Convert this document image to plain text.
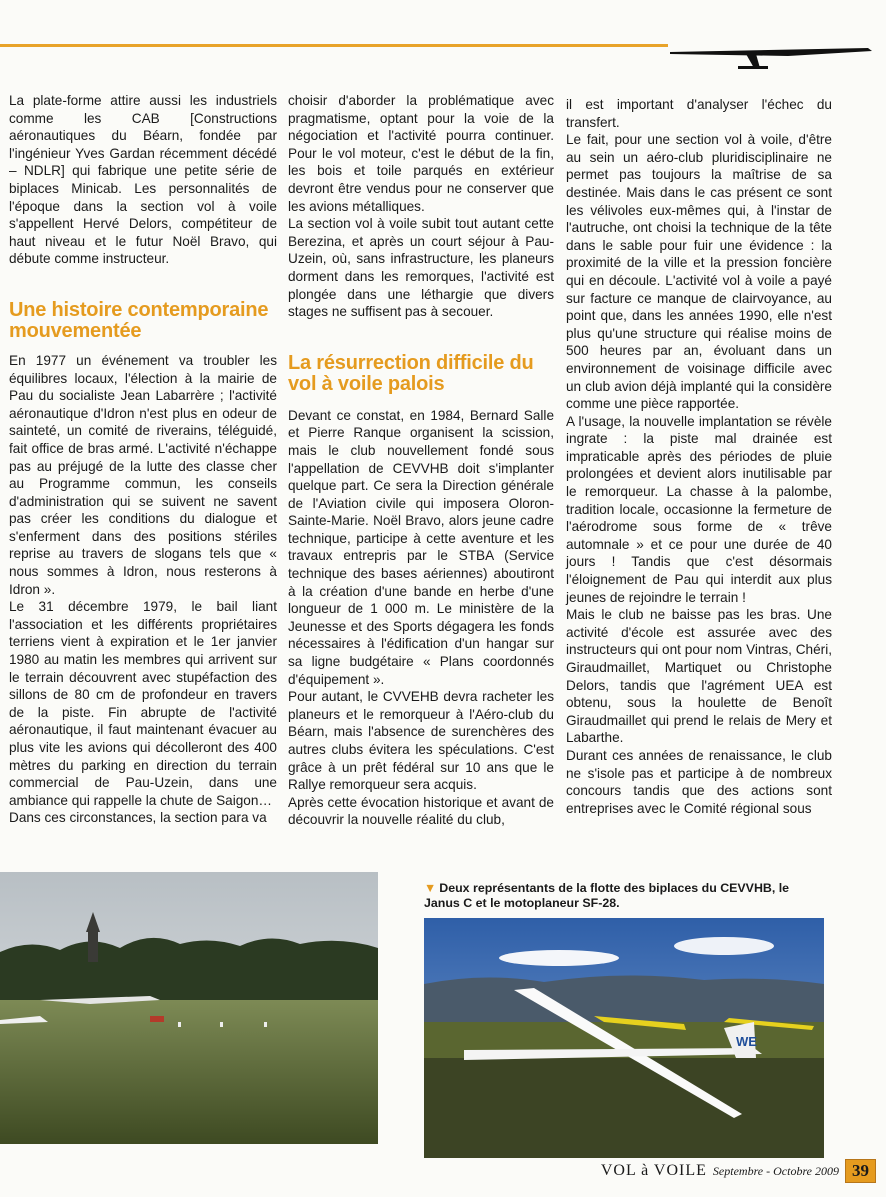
La plate-forme attire aussi les industriels comme les CAB [Constructions aéronautiques du Béarn, fondée par l'ingénieur Yves Gardan récemment décédé – NDLR] qui fabrique une petite série de biplaces Minicab. Les personnalités de l'époque dans la section vol à voile s'appellent Hervé Delors, compétiteur de haut niveau et le futur Noël Bravo, qui débute comme instructeur.

Une histoire contemporaine mouvementée

En 1977 un événement va troubler les équilibres locaux, l'élection à la mairie de Pau du socialiste Jean Labarrère ; l'activité aéronautique d'Idron n'est plus en odeur de sainteté, un comité de riverains, téléguidé, fait office de bras armé. L'activité n'échappe pas au préjugé de la lutte des classe cher au Programme commun, les conseils d'administration qui se suivent ne savent pas créer les conditions du dialogue et s'enferment dans des positions stériles reprise au travers de slogans tels que « nous sommes à Idron, nous resterons à Idron ».

Le 31 décembre 1979, le bail liant l'association et les différents propriétaires terriens vient à expiration et le 1er janvier 1980 au matin les membres qui arrivent sur le terrain découvrent avec stupéfaction des sillons de 80 cm de profondeur en travers de la piste. Fin abrupte de l'activité aéronautique, il faut maintenant évacuer au plus vite les avions qui décolleront des 400 mètres du parking en direction du terrain commercial de Pau-Uzein, dans une ambiance qui rappelle la chute de Saigon…

Dans ces circonstances, la section para va

choisir d'aborder la problématique avec pragmatisme, optant pour la voie de la négociation et l'activité pourra continuer. Pour le vol moteur, c'est le début de la fin, les bois et toile parqués en extérieur devront être vendus pour ne conserver que les avions métalliques.

La section vol à voile subit tout autant cette Berezina, et après un court séjour à Pau-Uzein, où, sans infrastructure, les planeurs dorment dans les remorques, l'activité est plongée dans une léthargie que divers stages ne suffisent pas à secouer.

La résurrection difficile du vol à voile palois

Devant ce constat, en 1984, Bernard Salle et Pierre Ranque organisent la scission, mais le club nouvellement fondé sous l'appellation de CEVVHB doit s'implanter quelque part. Ce sera la Direction générale de l'Aviation civile qui imposera Oloron-Sainte-Marie. Noël Bravo, alors jeune cadre technique, participe à cette aventure et les travaux entrepris par le STBA (Service technique des bases aériennes) aboutiront à la création d'une bande en herbe d'une longueur de 1 000 m. Le ministère de la Jeunesse et des Sports dégagera les fonds nécessaires à l'édification d'un hangar sur sa ligne budgétaire « Plans coordonnés d'équipement ».

Pour autant, le CVVEHB devra racheter les planeurs et le remorqueur à l'Aéro-club du Béarn, mais l'absence de surenchères des autres clubs évitera les spéculations. C'est grâce à un prêt fédéral sur 10 ans que le Rallye remorqueur sera acquis.

Après cette évocation historique et avant de découvrir la nouvelle réalité du club,

il est important d'analyser l'échec du transfert.

Le fait, pour une section vol à voile, d'être au sein un aéro-club pluridisciplinaire ne permet pas toujours la maîtrise de sa destinée. Mais dans le cas présent ce sont les vélivoles eux-mêmes qui, à l'instar de l'autruche, ont choisi la technique de la tête dans le sable pour fuir une évidence : la proximité de la ville et la pression foncière qui en découle. L'activité vol à voile a payé sur facture ce manque de clairvoyance, au point que, dans les années 1990, elle n'est plus qu'une structure qui réalise moins de 500 heures par an, évoluant dans un environnement de voisinage difficile avec un club avion déjà implanté qui la considère comme une pièce rapportée.

A l'usage, la nouvelle implantation se révèle ingrate : la piste mal drainée est impraticable après des périodes de pluie prolongées et devient alors inutilisable par le remorqueur. La chasse à la palombe, tradition locale, occasionne la fermeture de l'aérodrome sous forme de « trêve automnale » et ce pour une durée de 40 jours ! Tandis que c'est désormais l'éloignement de Pau qui interdit aux plus jeunes de rejoindre le terrain !

Mais le club ne baisse pas les bras. Une activité d'école est assurée avec des instructeurs qui ont pour nom Vintras, Chéri, Giraudmaillet, Martiquet ou Christophe Delors, tandis que l'agrément UEA est obtenu, sous la houlette de Benoît Giraudmaillet qui prend le relais de Mery et Labarthe.

Durant ces années de renaissance, le club ne s'isole pas et participe à de nombreux concours tandis que des actions sont entreprises avec le Comité régional sous

▼ Deux représentants de la flotte des biplaces du CEVVHB, le Janus C et le motoplaneur SF-28.
WE
VOL à VOILE Septembre - Octobre 2009 39
